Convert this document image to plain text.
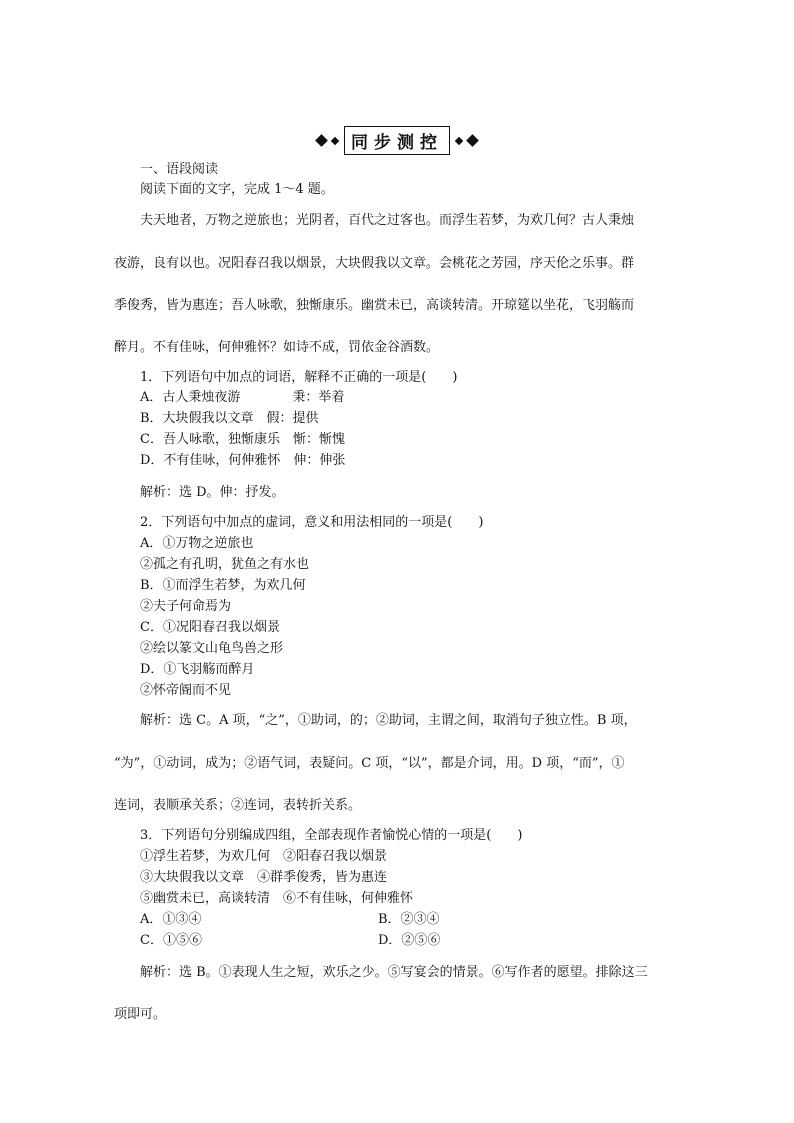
同步测控
一、语段阅读
阅读下面的文字，完成 1～4 题。
夫天地者，万物之逆旅也；光阴者，百代之过客也。而浮生若梦，为欢几何？古人秉烛
夜游，良有以也。况阳春召我以烟景，大块假我以文章。会桃花之芳园，序天伦之乐事。群
季俊秀，皆为惠连；吾人咏歌，独惭康乐。幽赏未已，高谈转清。开琼筵以坐花，飞羽觞而
醉月。不有佳咏，何伸雅怀？如诗不成，罚依金谷酒数。
1．下列语句中加点的词语，解释不正确的一项是(　　)
A．古人秉烛夜游　　　　秉：举着
B．大块假我以文章　假：提供
C．吾人咏歌，独惭康乐　惭：惭愧
D．不有佳咏，何伸雅怀　伸：伸张
解析：选 D。伸：抒发。
2．下列语句中加点的虚词，意义和用法相同的一项是(　　)
A．①万物之逆旅也
②孤之有孔明，犹鱼之有水也
B．①而浮生若梦，为欢几何
②夫子何命焉为
C．①况阳春召我以烟景
②绘以篆文山龟鸟兽之形
D．①飞羽觞而醉月
②怀帝阍而不见
解析：选 C。A 项，“之”，①助词，的；②助词，主谓之间，取消句子独立性。B 项，
“为”，①动词，成为；②语气词，表疑问。C 项，“以”，都是介词，用。D 项，“而”，①
连词，表顺承关系；②连词，表转折关系。
3．下列语句分别编成四组，全部表现作者愉悦心情的一项是(　　)
①浮生若梦，为欢几何　②阳春召我以烟景
③大块假我以文章　④群季俊秀，皆为惠连
⑤幽赏未已，高谈转清　⑥不有佳咏，何伸雅怀
A．①③④	B．②③④
C．①⑤⑥	D．②⑤⑥
解析：选 B。①表现人生之短，欢乐之少。⑤写宴会的情景。⑥写作者的愿望。排除这三
项即可。
